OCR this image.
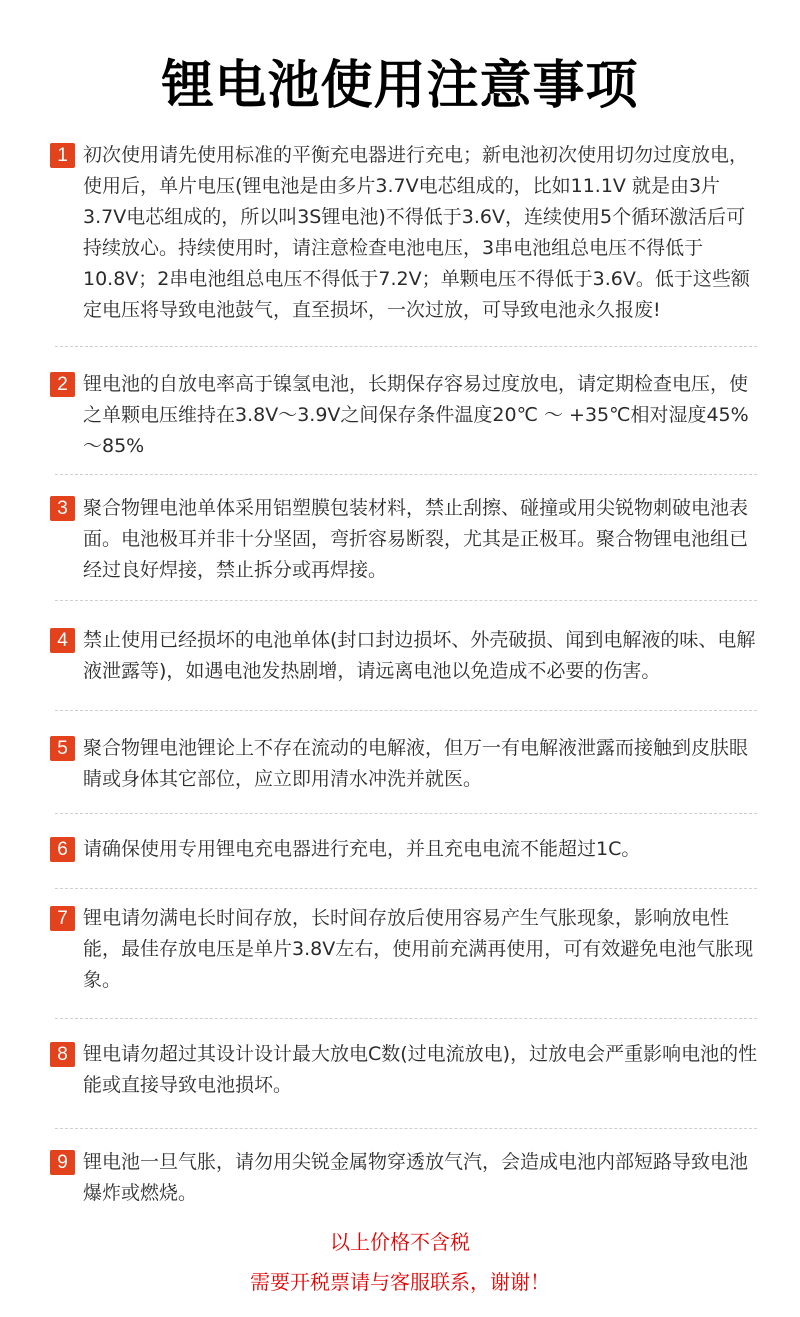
锂电池使用注意事项
1 初次使用请先使用标准的平衡充电器进行充电；新电池初次使用切勿过度放电，使用后，单片电压(锂电池是由多片3.7V电芯组成的，比如11.1V 就是由3片3.7V电芯组成的，所以叫3S锂电池)不得低于3.6V，连续使用5个循环激活后可持续放心。持续使用时，请注意检查电池电压，3串电池组总电压不得低于10.8V；2串电池组总电压不得低于7.2V；单颗电压不得低于3.6V。低于这些额定电压将导致电池鼓气，直至损坏，一次过放，可导致电池永久报废!
2 锂电池的自放电率高于镍氢电池，长期保存容易过度放电，请定期检查电压，使之单颗电压维持在3.8V～3.9V之间保存条件温度20℃ ～ +35℃相对湿度45%～85%
3 聚合物锂电池单体采用铝塑膜包装材料，禁止刮擦、碰撞或用尖锐物刺破电池表面。电池极耳并非十分坚固，弯折容易断裂，尤其是正极耳。聚合物锂电池组已经过良好焊接，禁止拆分或再焊接。
4 禁止使用已经损坏的电池单体(封口封边损坏、外壳破损、闻到电解液的味、电解液泄露等)，如遇电池发热剧增，请远离电池以免造成不必要的伤害。
5 聚合物锂电池锂论上不存在流动的电解液，但万一有电解液泄露而接触到皮肤眼睛或身体其它部位，应立即用清水冲洗并就医。
6 请确保使用专用锂电充电器进行充电，并且充电电流不能超过1C。
7 锂电请勿满电长时间存放，长时间存放后使用容易产生气胀现象，影响放电性能，最佳存放电压是单片3.8V左右，使用前充满再使用，可有效避免电池气胀现象。
8 锂电请勿超过其设计设计最大放电C数(过电流放电)，过放电会严重影响电池的性能或直接导致电池损坏。
9 锂电池一旦气胀，请勿用尖锐金属物穿透放气汽，会造成电池内部短路导致电池爆炸或燃烧。
以上价格不含税
需要开税票请与客服联系，谢谢！
